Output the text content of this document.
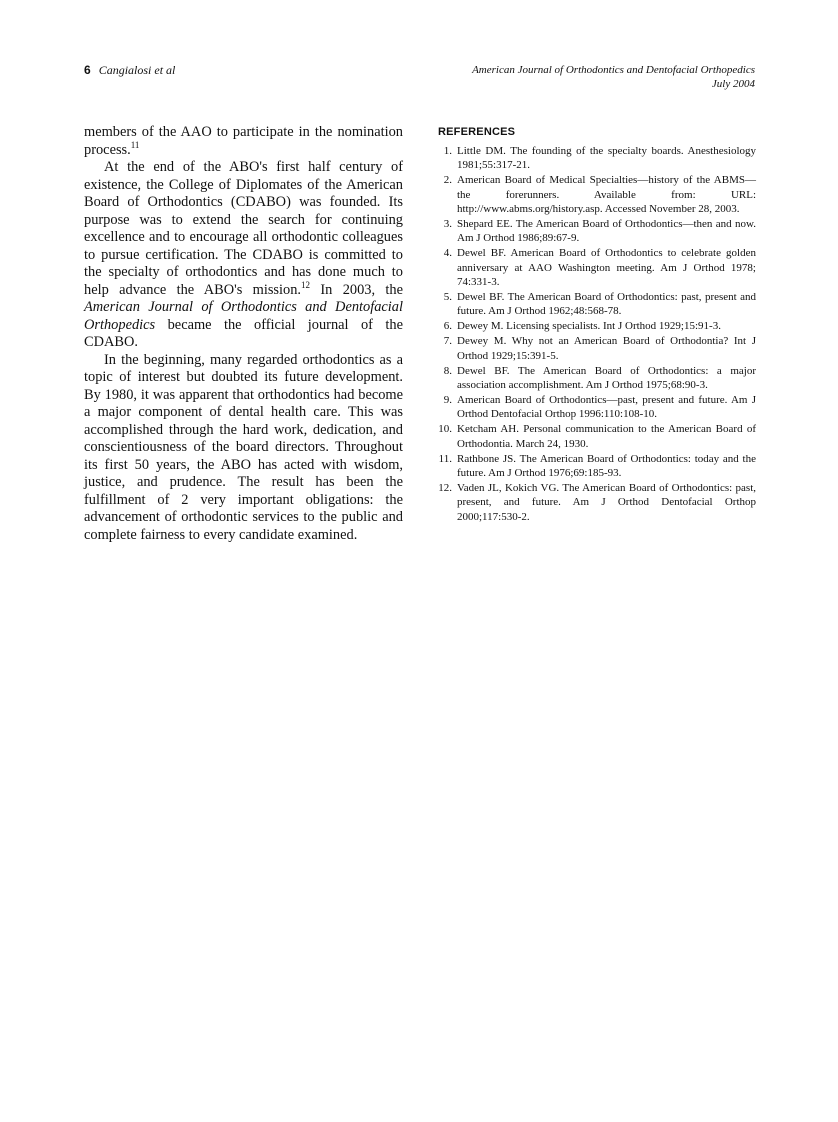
6 Cangialosi et al	American Journal of Orthodontics and Dentofacial Orthopedics
July 2004

members of the AAO to participate in the nomination process.$^{11}$

At the end of the ABO's first half century of existence, the College of Diplomates of the American Board of Orthodontics (CDABO) was founded. Its purpose was to extend the search for continuing excellence and to encourage all orthodontic colleagues to pursue certification. The CDABO is committed to the specialty of orthodontics and has done much to help advance the ABO's mission.$^{12}$ In 2003, the American Journal of Orthodontics and Dentofacial Orthopedics became the official journal of the CDABO.

In the beginning, many regarded orthodontics as a topic of interest but doubted its future development. By 1980, it was apparent that orthodontics had become a major component of dental health care. This was accomplished through the hard work, dedication, and conscientiousness of the board directors. Throughout its first 50 years, the ABO has acted with wisdom, justice, and prudence. The result has been the fulfillment of 2 very important obligations: the advancement of orthodontic services to the public and complete fairness to every candidate examined.

REFERENCES
1. Little DM. The founding of the specialty boards. Anesthesiology 1981;55:317-21.
2. American Board of Medical Specialties—history of the ABMS—the forerunners. Available from: URL: http://www.abms.org/history.asp. Accessed November 28, 2003.
3. Shepard EE. The American Board of Orthodontics—then and now. Am J Orthod 1986;89:67-9.
4. Dewel BF. American Board of Orthodontics to celebrate golden anniversary at AAO Washington meeting. Am J Orthod 1978; 74:331-3.
5. Dewel BF. The American Board of Orthodontics: past, present and future. Am J Orthod 1962;48:568-78.
6. Dewey M. Licensing specialists. Int J Orthod 1929;15:91-3.
7. Dewey M. Why not an American Board of Orthodontia? Int J Orthod 1929;15:391-5.
8. Dewel BF. The American Board of Orthodontics: a major association accomplishment. Am J Orthod 1975;68:90-3.
9. American Board of Orthodontics—past, present and future. Am J Orthod Dentofacial Orthop 1996:110:108-10.
10. Ketcham AH. Personal communication to the American Board of Orthodontia. March 24, 1930.
11. Rathbone JS. The American Board of Orthodontics: today and the future. Am J Orthod 1976;69:185-93.
12. Vaden JL, Kokich VG. The American Board of Orthodontics: past, present, and future. Am J Orthod Dentofacial Orthop 2000;117:530-2.
